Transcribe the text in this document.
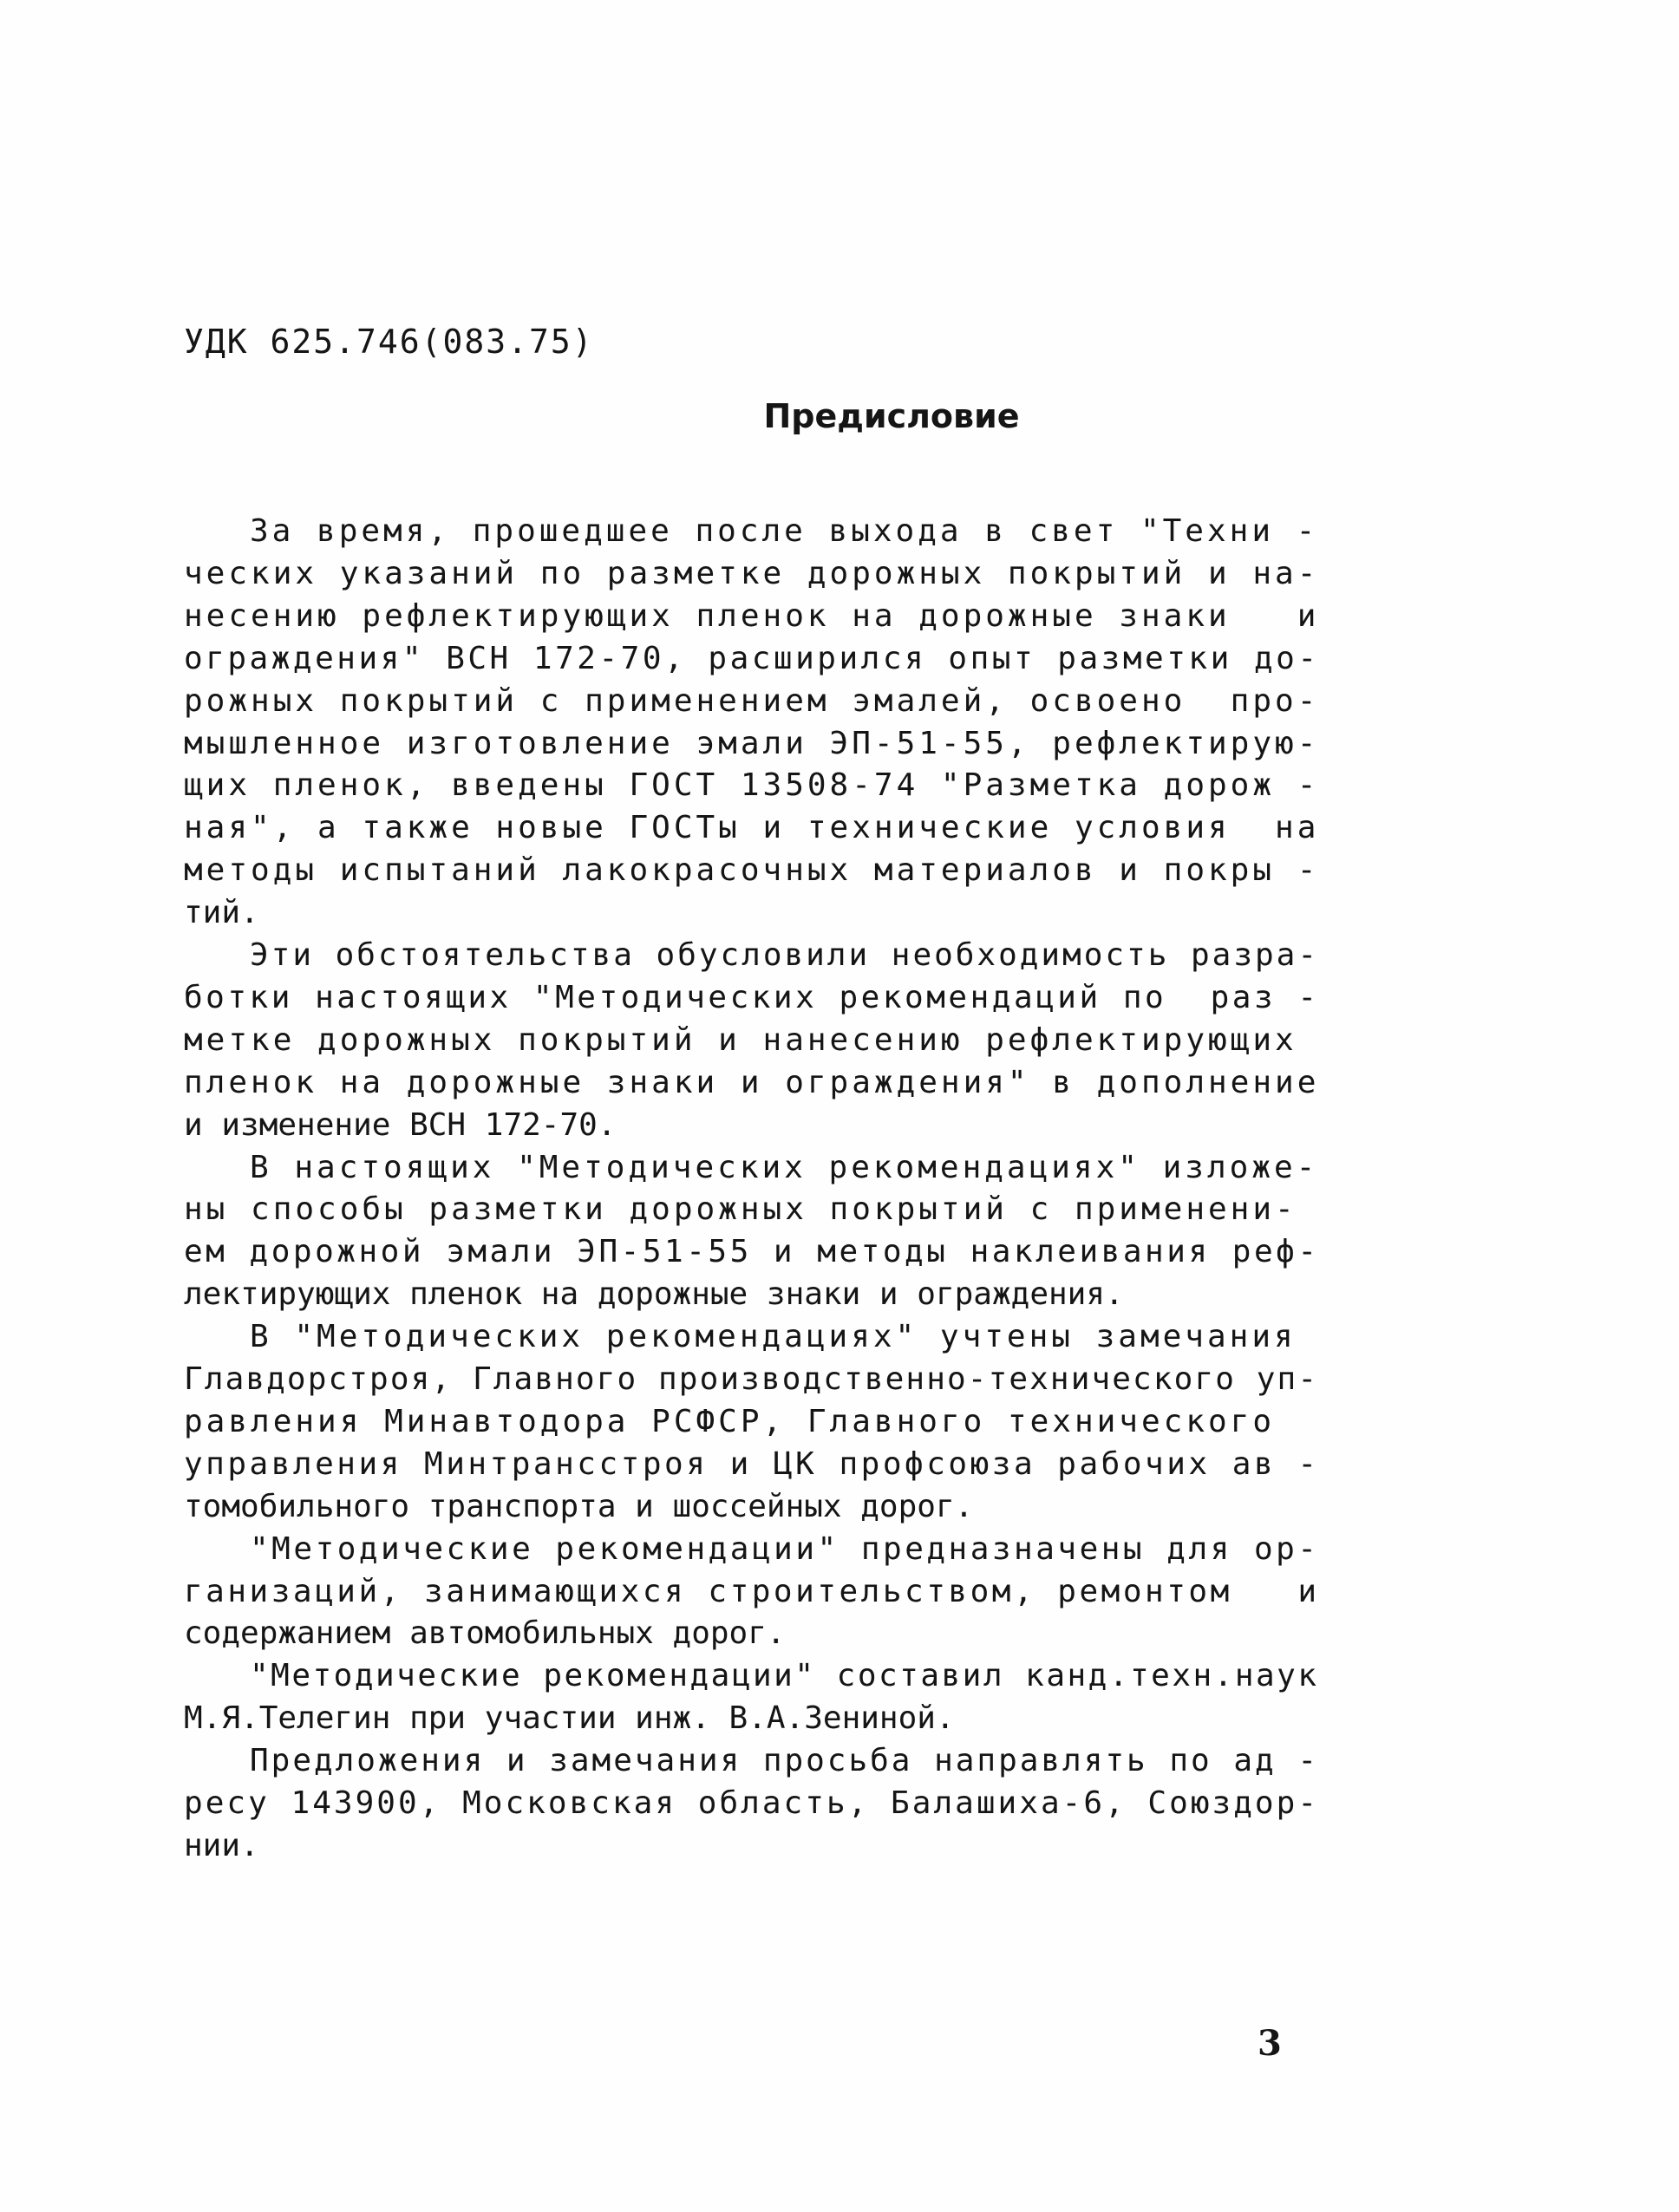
УДК 625.746(083.75)
Предисловие
За время, прошедшее после выхода в свет "Техни -
ческих указаний по разметке дорожных покрытий и на-
несению рефлектирующих пленок на дорожные знаки   и
ограждения" ВСН 172-70, расширился опыт разметки до-
рожных покрытий с применением эмалей, освоено  про-
мышленное изготовление эмали ЭП-51-55, рефлектирую-
щих пленок, введены ГОСТ 13508-74 "Разметка дорож -
ная", а также новые ГОСТы и технические условия  на
методы испытаний лакокрасочных материалов и покры -
тий.
Эти обстоятельства обусловили необходимость разра-
ботки настоящих "Методических рекомендаций по  раз -
метке дорожных покрытий и нанесению рефлектирующих
пленок на дорожные знаки и ограждения" в дополнение
и изменение ВСН 172-70.
В настоящих "Методических рекомендациях" изложе-
ны способы разметки дорожных покрытий с применени-
ем дорожной эмали ЭП-51-55 и методы наклеивания реф-
лектирующих пленок на дорожные знаки и ограждения.
В "Методических рекомендациях" учтены замечания
Главдорстроя, Главного производственно-технического уп-
равления Минавтодора РСФСР, Главного технического
управления Минтрансстроя и ЦК профсоюза рабочих ав -
томобильного транспорта и шоссейных дорог.
"Методические рекомендации" предназначены для ор-
ганизаций, занимающихся строительством, ремонтом   и
содержанием автомобильных дорог.
"Методические рекомендации" составил канд.техн.наук
М.Я.Телегин при участии инж. В.А.Зениной.
Предложения и замечания просьба направлять по ад -
ресу 143900, Московская область, Балашиха-6, Союздор-
нии.
3
